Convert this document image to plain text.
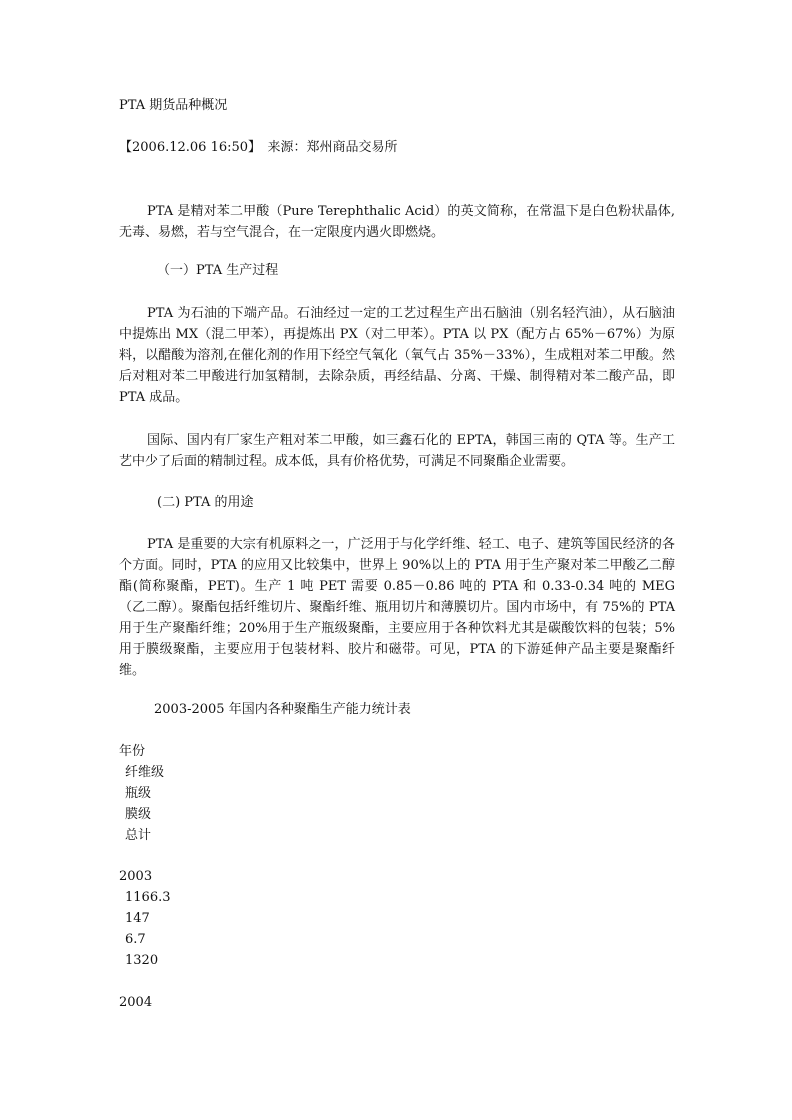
PTA 期货品种概况

【2006.12.06 16:50】　来源：郑州商品交易所

PTA 是精对苯二甲酸（Pure Terephthalic Acid）的英文简称，在常温下是白色粉状晶体,无毒、易燃，若与空气混合，在一定限度内遇火即燃烧。

（一）PTA 生产过程

PTA 为石油的下端产品。石油经过一定的工艺过程生产出石脑油（别名轻汽油），从石脑油中提炼出 MX（混二甲苯），再提炼出 PX（对二甲苯）。PTA 以 PX（配方占 65%－67%）为原料，以醋酸为溶剂,在催化剂的作用下经空气氧化（氧气占 35%－33%），生成粗对苯二甲酸。然后对粗对苯二甲酸进行加氢精制，去除杂质，再经结晶、分离、干燥、制得精对苯二酸产品，即 PTA 成品。

国际、国内有厂家生产粗对苯二甲酸，如三鑫石化的 EPTA，韩国三南的 QTA 等。生产工艺中少了后面的精制过程。成本低，具有价格优势，可满足不同聚酯企业需要。

(二) PTA 的用途

PTA 是重要的大宗有机原料之一，广泛用于与化学纤维、轻工、电子、建筑等国民经济的各个方面。同时，PTA 的应用又比较集中，世界上 90%以上的 PTA 用于生产聚对苯二甲酸乙二醇酯(简称聚酯，PET)。生产 1 吨 PET 需要 0.85－0.86 吨的 PTA 和 0.33-0.34 吨的 MEG（乙二醇）。聚酯包括纤维切片、聚酯纤维、瓶用切片和薄膜切片。国内市场中，有 75%的 PTA 用于生产聚酯纤维；20%用于生产瓶级聚酯，主要应用于各种饮料尤其是碳酸饮料的包装；5%用于膜级聚酯，主要应用于包装材料、胶片和磁带。可见，PTA 的下游延伸产品主要是聚酯纤维。

2003-2005 年国内各种聚酯生产能力统计表

年份
纤维级
瓶级
膜级
总计
2003
1166.3
147
6.7
1320
2004
